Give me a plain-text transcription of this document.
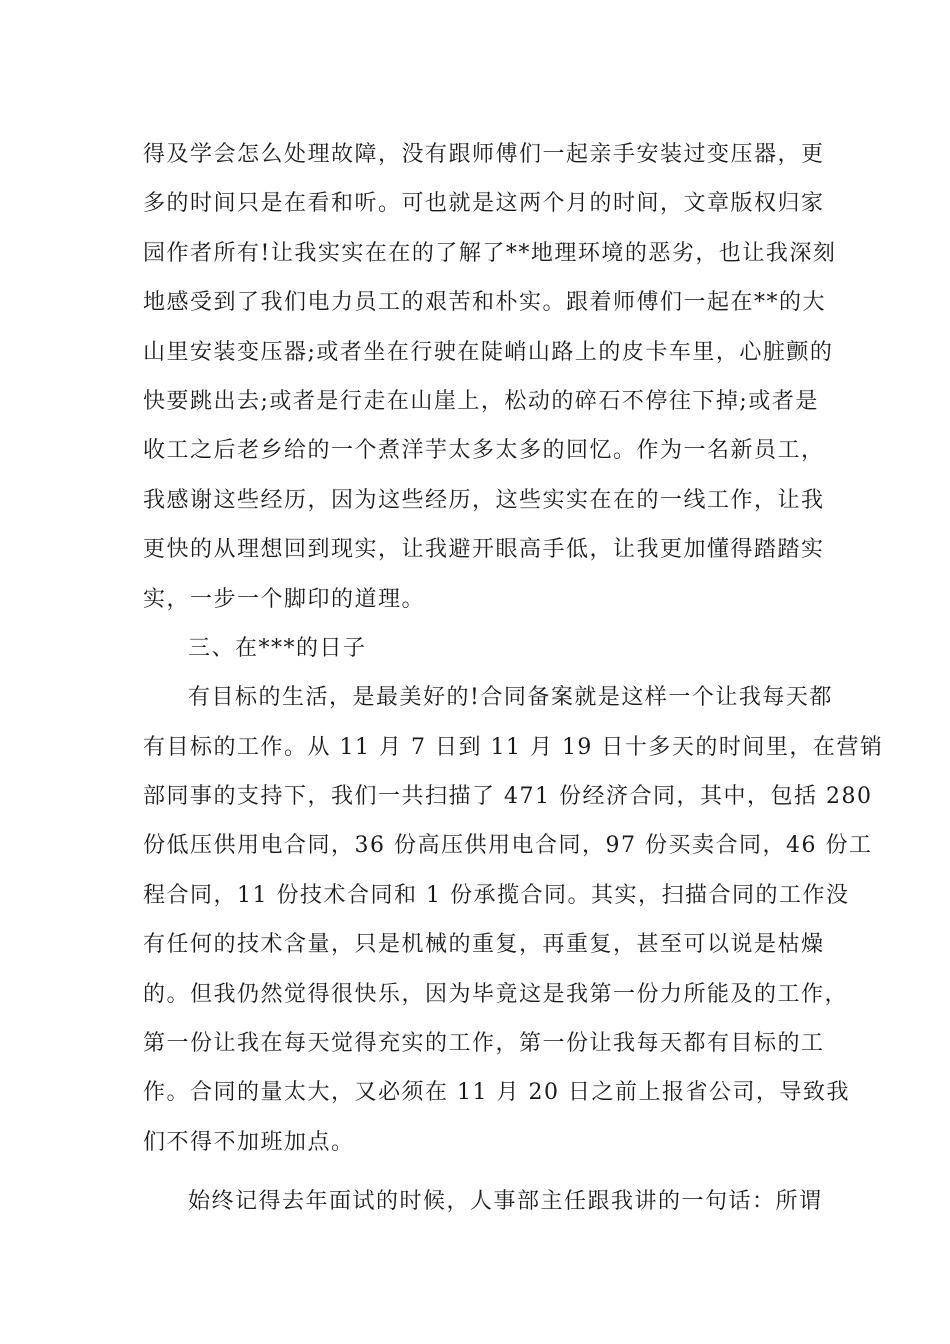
得及学会怎么处理故障，没有跟师傅们一起亲手安装过变压器，更

多的时间只是在看和听。可也就是这两个月的时间，文章版权归家

园作者所有!让我实实在在的了解了**地理环境的恶劣，也让我深刻

地感受到了我们电力员工的艰苦和朴实。跟着师傅们一起在**的大

山里安装变压器;或者坐在行驶在陡峭山路上的皮卡车里，心脏颤的

快要跳出去;或者是行走在山崖上，松动的碎石不停往下掉;或者是

收工之后老乡给的一个煮洋芋太多太多的回忆。作为一名新员工，

我感谢这些经历，因为这些经历，这些实实在在的一线工作，让我

更快的从理想回到现实，让我避开眼高手低，让我更加懂得踏踏实

实，一步一个脚印的道理。

三、在***的日子

有目标的生活，是最美好的!合同备案就是这样一个让我每天都

有目标的工作。从 11 月 7 日到 11 月 19 日十多天的时间里，在营销

部同事的支持下，我们一共扫描了 471 份经济合同，其中，包括 280

份低压供用电合同，36 份高压供用电合同，97 份买卖合同，46 份工

程合同，11 份技术合同和 1 份承揽合同。其实，扫描合同的工作没

有任何的技术含量，只是机械的重复，再重复，甚至可以说是枯燥

的。但我仍然觉得很快乐，因为毕竟这是我第一份力所能及的工作，

第一份让我在每天觉得充实的工作，第一份让我每天都有目标的工

作。合同的量太大，又必须在 11 月 20 日之前上报省公司，导致我

们不得不加班加点。

始终记得去年面试的时候，人事部主任跟我讲的一句话：所谓
